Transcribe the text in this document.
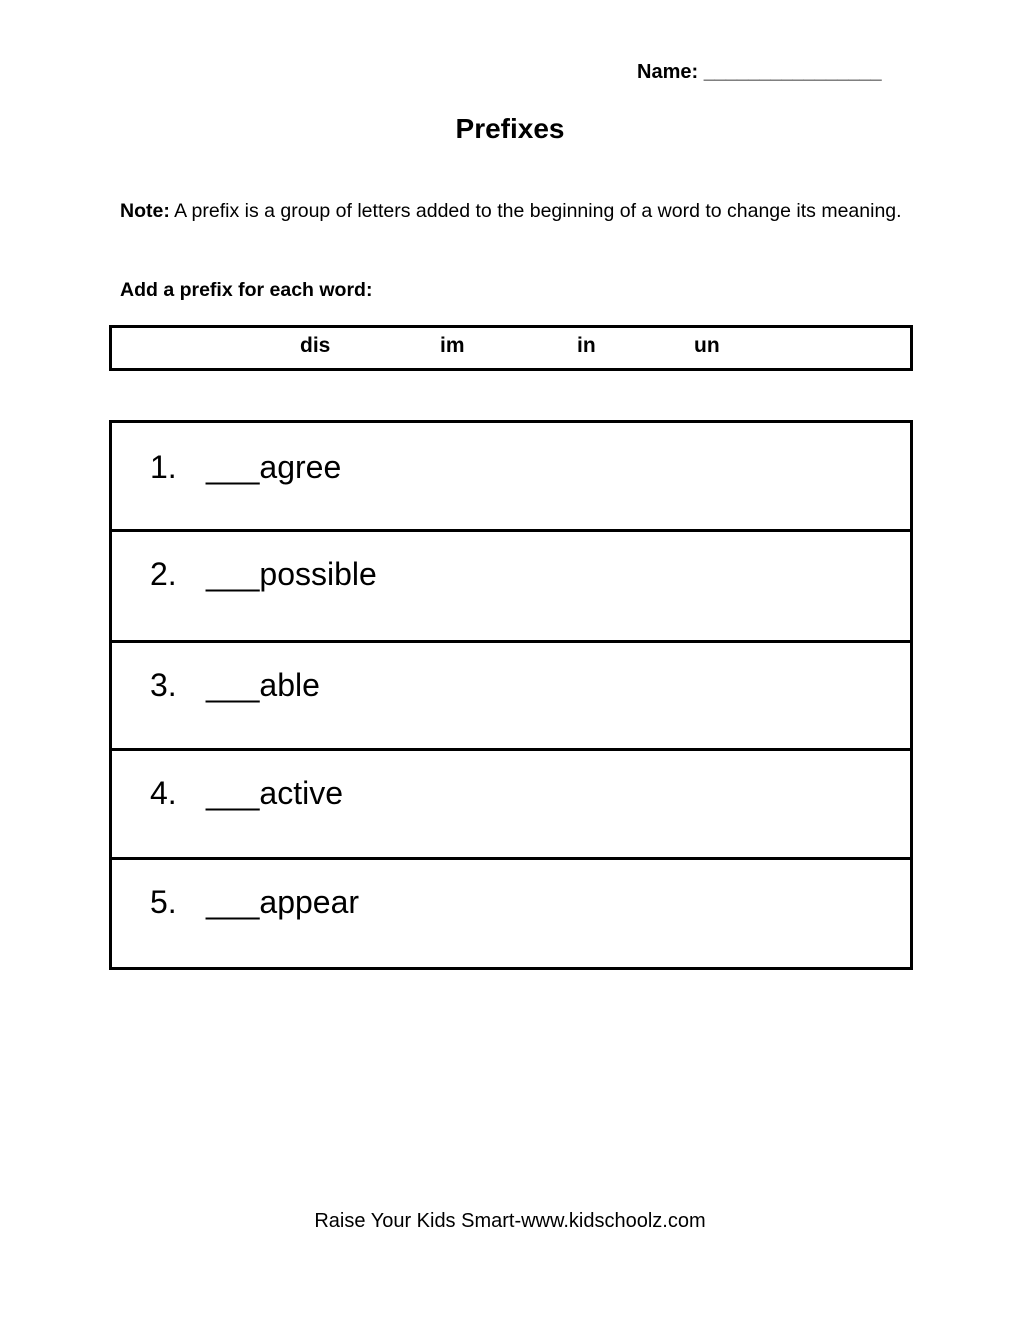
Name: ________________
Prefixes
Note: A prefix is a group of letters added to the beginning of a word to change its meaning.
Add a prefix for each word:
dis	im	in	un
1. ___agree
2. ___possible
3. ___able
4. ___active
5. ___appear
Raise Your Kids Smart-www.kidschoolz.com
